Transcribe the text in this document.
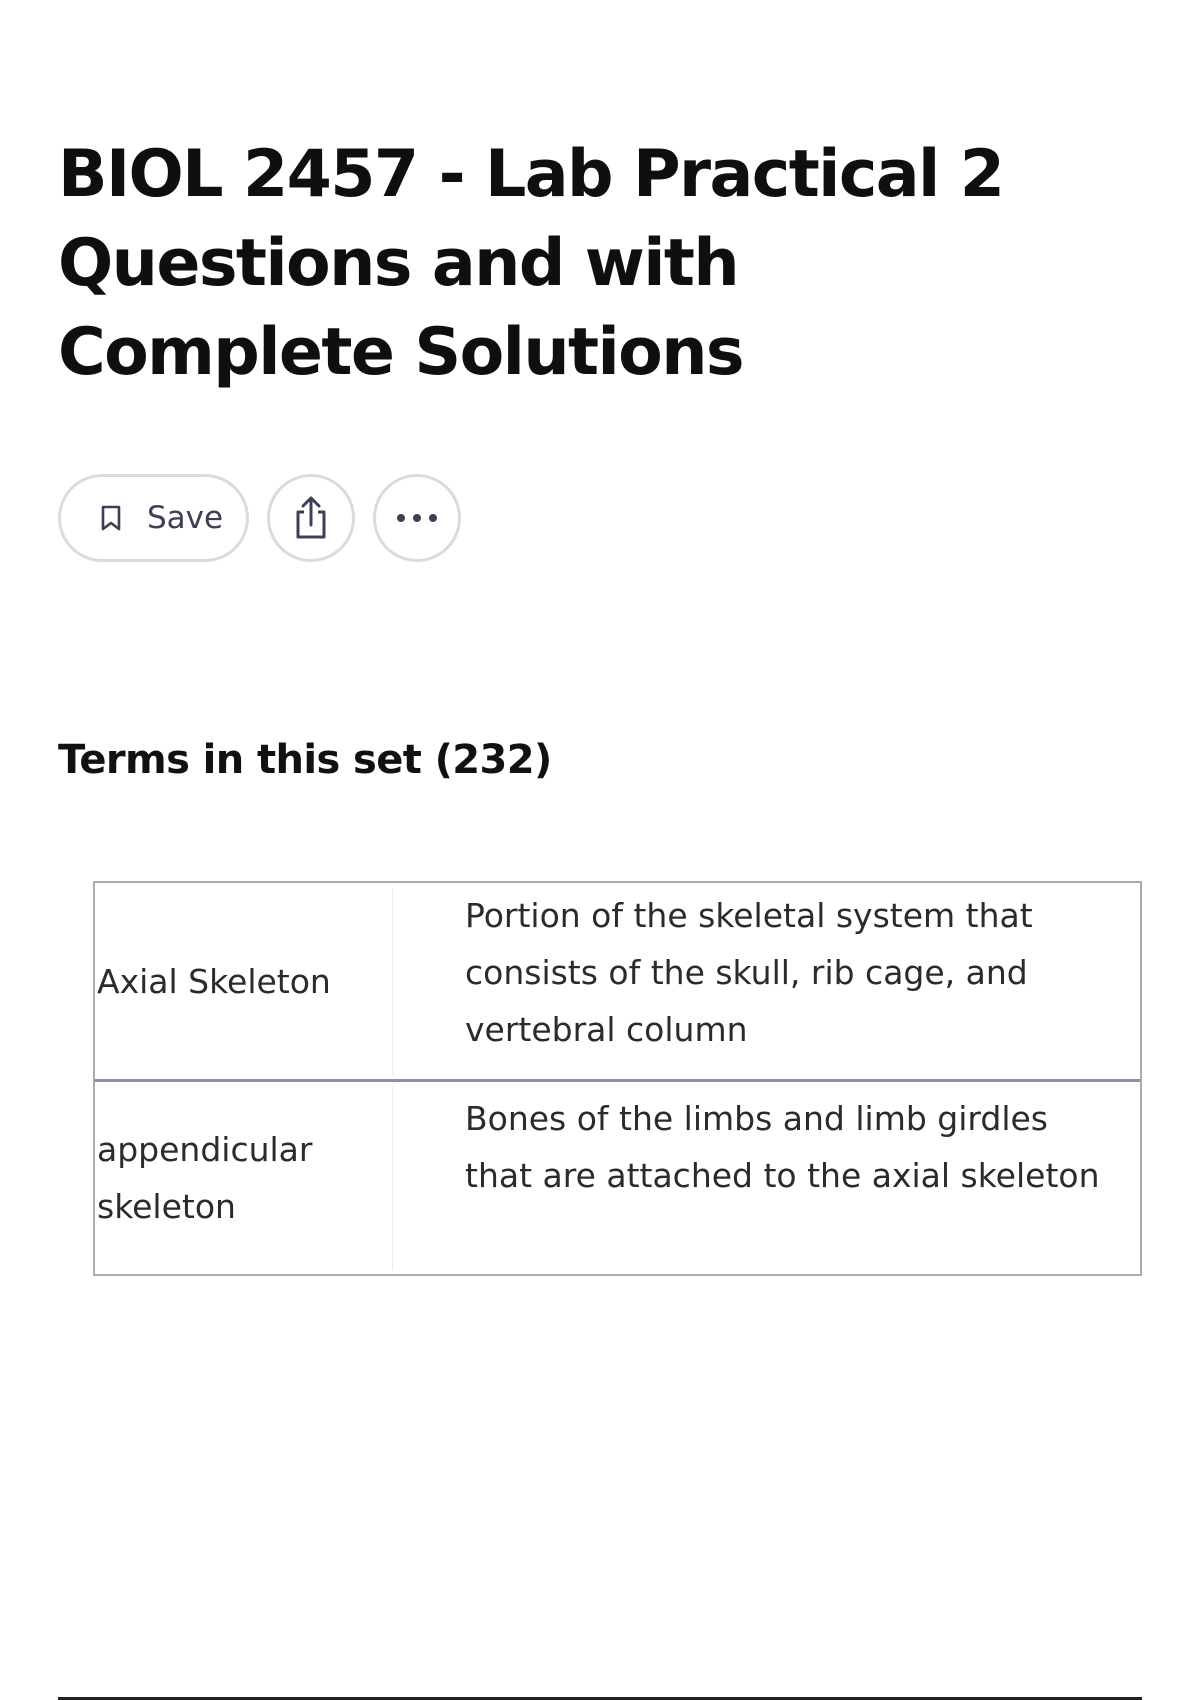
BIOL 2457 - Lab Practical 2 Questions and with Complete Solutions
Save
Terms in this set (232)
Axial Skeleton
Portion of the skeletal system that consists of the skull, rib cage, and vertebral column
appendicular skeleton
Bones of the limbs and limb girdles that are attached to the axial skeleton
